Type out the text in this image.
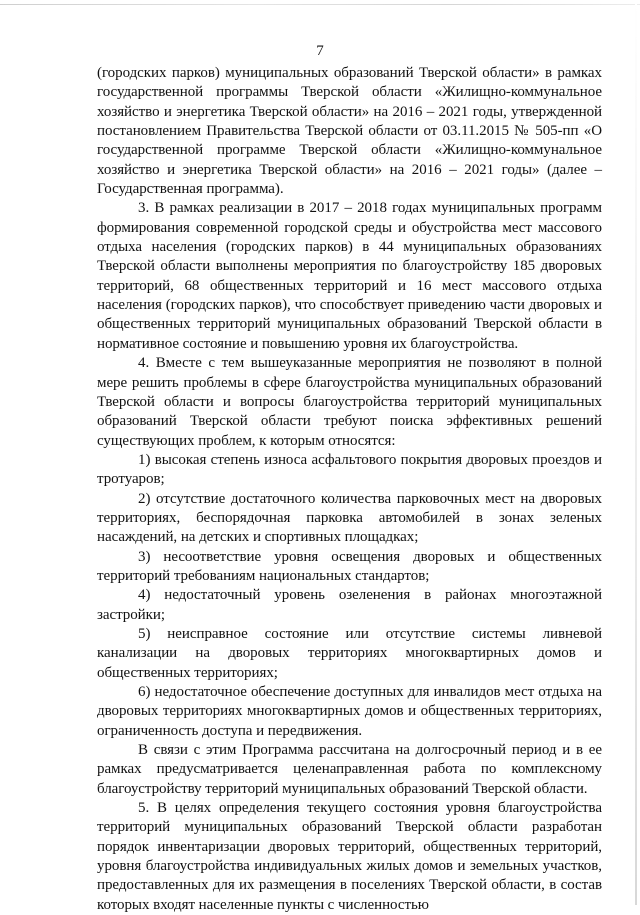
7

(городских парков) муниципальных образований Тверской области» в рамках государственной программы Тверской области «Жилищно-коммунальное хозяйство и энергетика Тверской области» на 2016 – 2021 годы, утвержденной постановлением Правительства Тверской области от 03.11.2015 № 505-пп «О государственной программе Тверской области «Жилищно-коммунальное хозяйство и энергетика Тверской области» на 2016 – 2021 годы» (далее – Государственная программа).

3. В рамках реализации в 2017 – 2018 годах муниципальных программ формирования современной городской среды и обустройства мест массового отдыха населения (городских парков) в 44 муниципальных образованиях Тверской области выполнены мероприятия по благоустройству 185 дворовых территорий, 68 общественных территорий и 16 мест массового отдыха населения (городских парков), что способствует приведению части дворовых и общественных территорий муниципальных образований Тверской области в нормативное состояние и повышению уровня их благоустройства.

4. Вместе с тем вышеуказанные мероприятия не позволяют в полной мере решить проблемы в сфере благоустройства муниципальных образований Тверской области и вопросы благоустройства территорий муниципальных образований Тверской области требуют поиска эффективных решений существующих проблем, к которым относятся:

1) высокая степень износа асфальтового покрытия дворовых проездов и тротуаров;

2) отсутствие достаточного количества парковочных мест на дворовых территориях, беспорядочная парковка автомобилей в зонах зеленых насаждений, на детских и спортивных площадках;

3) несоответствие уровня освещения дворовых и общественных территорий требованиям национальных стандартов;

4) недостаточный уровень озеленения в районах многоэтажной застройки;

5) неисправное состояние или отсутствие системы ливневой канализации на дворовых территориях многоквартирных домов и общественных территориях;

6) недостаточное обеспечение доступных для инвалидов мест отдыха на дворовых территориях многоквартирных домов и общественных территориях, ограниченность доступа и передвижения.

В связи с этим Программа рассчитана на долгосрочный период и в ее рамках предусматривается целенаправленная работа по комплексному благоустройству территорий муниципальных образований Тверской области.

5. В целях определения текущего состояния уровня благоустройства территорий муниципальных образований Тверской области разработан порядок инвентаризации дворовых территорий, общественных территорий, уровня благоустройства индивидуальных жилых домов и земельных участков, предоставленных для их размещения в поселениях Тверской области, в состав которых входят населенные пункты с численностью
